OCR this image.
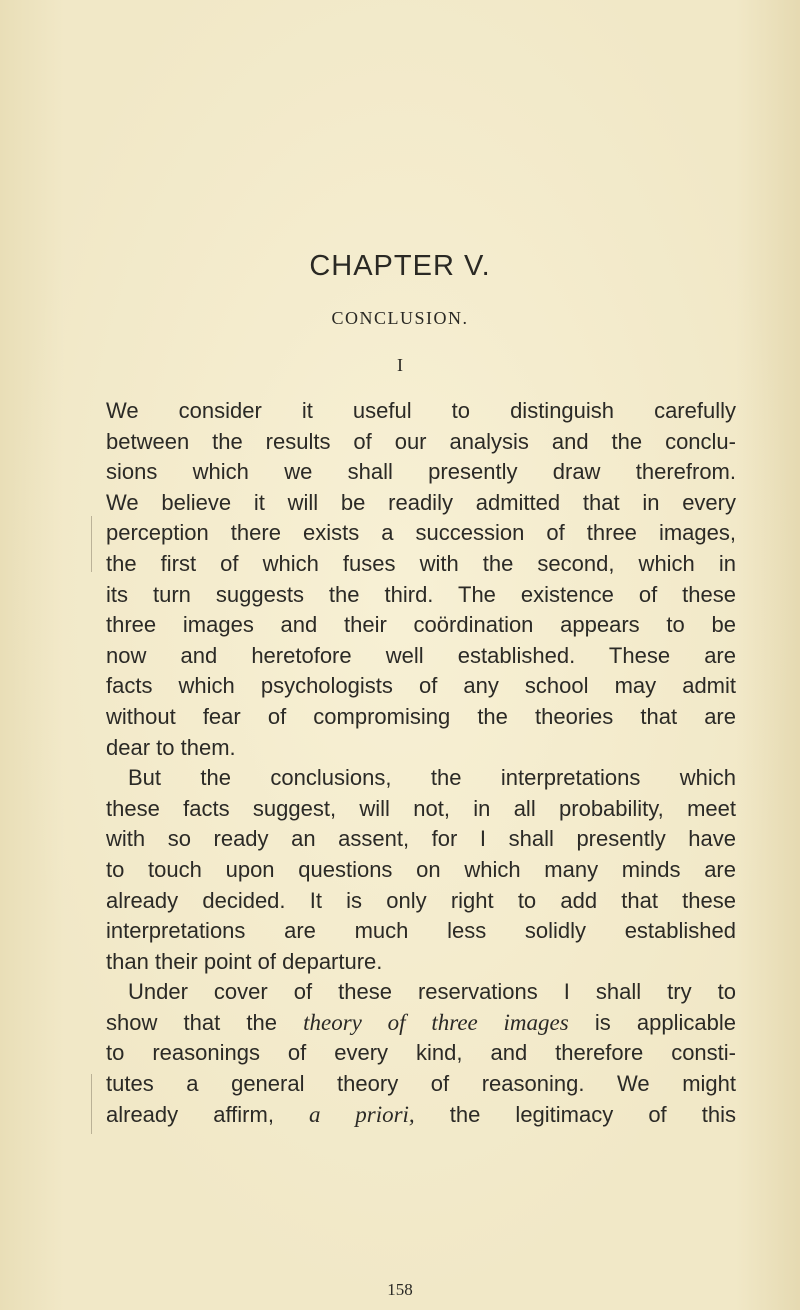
CHAPTER V.
CONCLUSION.
I
We consider it useful to distinguish carefully
between the results of our analysis and the conclu-
sions which we shall presently draw therefrom.
We believe it will be readily admitted that in every
perception there exists a succession of three images,
the first of which fuses with the second, which in
its turn suggests the third. The existence of these
three images and their coördination appears to be
now and heretofore well established. These are
facts which psychologists of any school may admit
without fear of compromising the theories that are
dear to them.
But the conclusions, the interpretations which
these facts suggest, will not, in all probability, meet
with so ready an assent, for I shall presently have
to touch upon questions on which many minds are
already decided. It is only right to add that these
interpretations are much less solidly established
than their point of departure.
Under cover of these reservations I shall try to
show that the theory of three images is applicable
to reasonings of every kind, and therefore consti-
tutes a general theory of reasoning. We might
already affirm, a priori, the legitimacy of this
158
